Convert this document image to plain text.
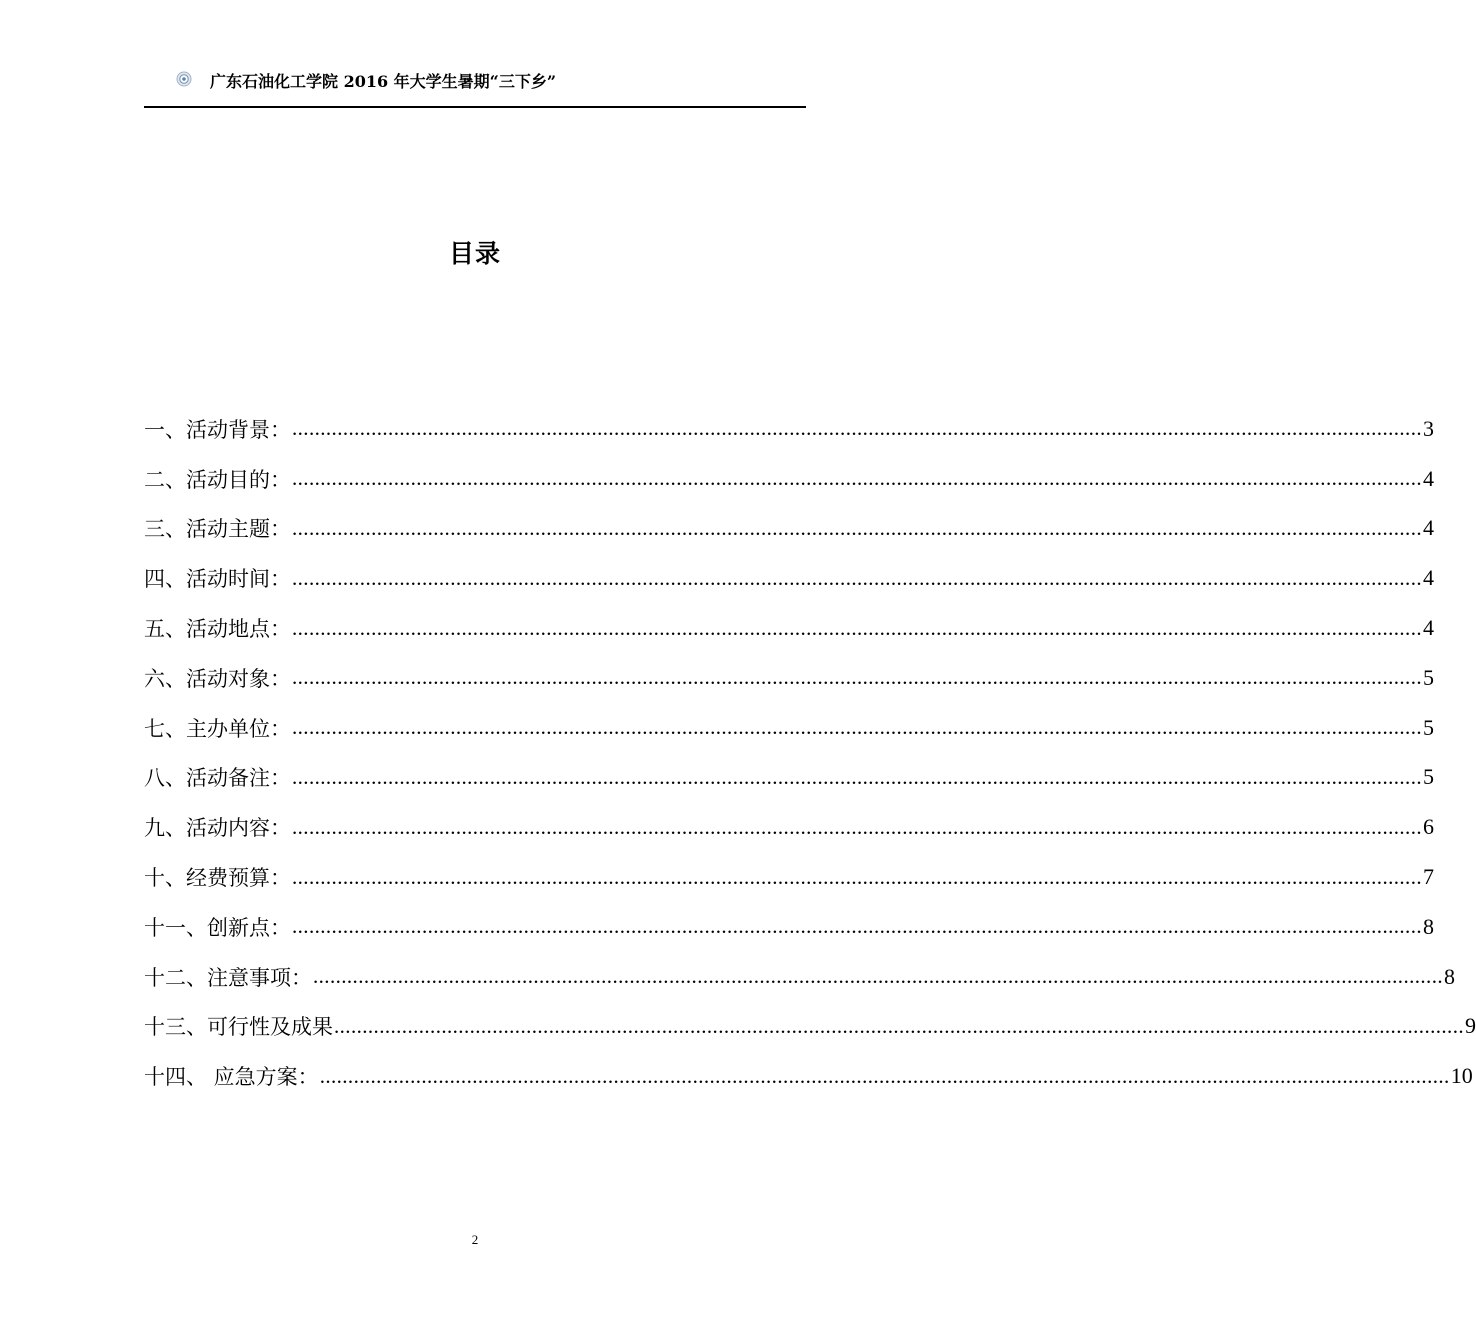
广东石油化工学院 2016 年大学生暑期“三下乡”
目录
一、活动背景： ........................................................................................................................................................................................................ 3
二、活动目的： ........................................................................................................................................................................................................ 4
三、活动主题： ........................................................................................................................................................................................................ 4
四、活动时间： ........................................................................................................................................................................................................ 4
五、活动地点： ........................................................................................................................................................................................................ 4
六、活动对象： ........................................................................................................................................................................................................ 5
七、主办单位： ........................................................................................................................................................................................................ 5
八、活动备注： ........................................................................................................................................................................................................ 5
九、活动内容： ........................................................................................................................................................................................................ 6
十、经费预算： ........................................................................................................................................................................................................ 7
十一、创新点： ........................................................................................................................................................................................................ 8
十二、注意事项： ........................................................................................................................................................................................................ 8
十三、可行性及成果 ........................................................................................................................................................................................................ 9
十四、 应急方案： ........................................................................................................................................................................................................ 10
2
